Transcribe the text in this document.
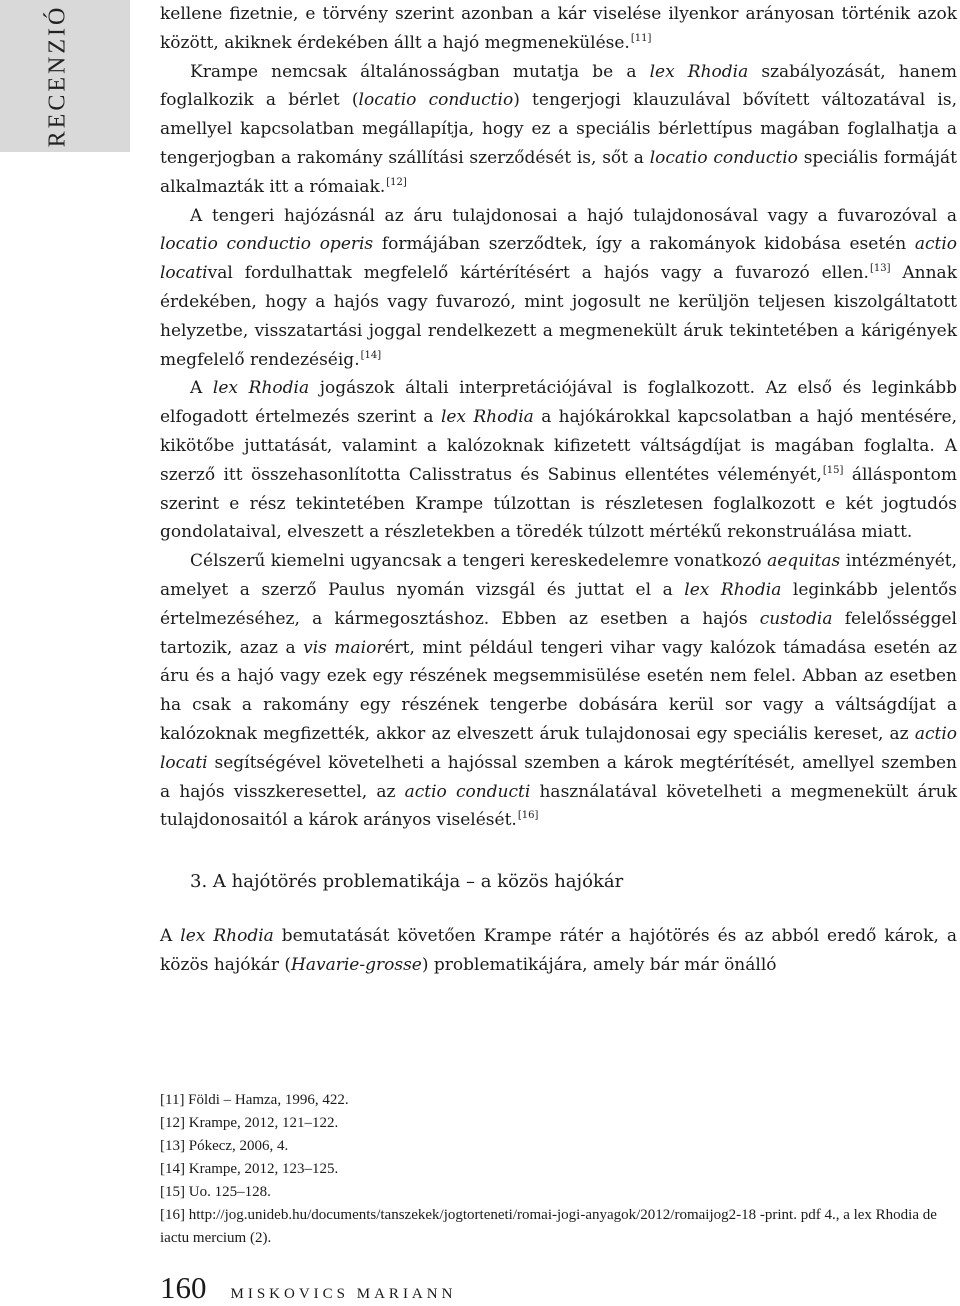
RECENZIÓ	kellene fizetnie, e törvény szerint azonban a kár viselése ilyenkor arányosan történik azok között, akiknek érdekében állt a hajó megmenekülése.[11]

Krampe nemcsak általánosságban mutatja be a lex Rhodia szabályozását, hanem foglalkozik a bérlet (locatio conductio) tengerjogi klauzulával bővített változatával is, amellyel kapcsolatban megállapítja, hogy ez a speciális bérlettípus magában foglalhatja a tengerjogban a rakomány szállítási szerződését is, sőt a locatio conductio speciális formáját alkalmazták itt a rómaiak.[12]

A tengeri hajózásnál az áru tulajdonosai a hajó tulajdonosával vagy a fuvarozóval a locatio conductio operis formájában szerződtek, így a rakományok kidobása esetén actio locatival fordulhattak megfelelő kártérítésért a hajós vagy a fuvarozó ellen.[13] Annak érdekében, hogy a hajós vagy fuvarozó, mint jogosult ne kerüljön teljesen kiszolgáltatott helyzetbe, visszatartási joggal rendelkezett a megmenekült áruk tekintetében a kárigények megfelelő rendezéséig.[14]

A lex Rhodia jogászok általi interpretációjával is foglalkozott. Az első és leginkább elfogadott értelmezés szerint a lex Rhodia a hajókárokkal kapcsolatban a hajó mentésére, kikötőbe juttatását, valamint a kalózoknak kifizetett váltságdíjat is magában foglalta. A szerző itt összehasonlította Calisstratus és Sabinus ellentétes véleményét,[15] álláspontom szerint e rész tekintetében Krampe túlzottan is részletesen foglalkozott e két jogtudós gondolataival, elveszett a részletekben a töredék túlzott mértékű rekonstruálása miatt.

Célszerű kiemelni ugyancsak a tengeri kereskedelemre vonatkozó aequitas intézményét, amelyet a szerző Paulus nyomán vizsgál és juttat el a lex Rhodia leginkább jelentős értelmezéséhez, a kármegosztáshoz. Ebben az esetben a hajós custodia felelősséggel tartozik, azaz a vis maiorért, mint például tengeri vihar vagy kalózok támadása esetén az áru és a hajó vagy ezek egy részének megsemmisülése esetén nem felel. Abban az esetben ha csak a rakomány egy részének tengerbe dobására kerül sor vagy a váltságdíjat a kalózoknak megfizették, akkor az elveszett áruk tulajdonosai egy speciális kereset, az actio locati segítségével követelheti a hajóssal szemben a károk megtérítését, amellyel szemben a hajós visszkeresettel, az actio conducti használatával követelheti a megmenekült áruk tulajdonosaitól a károk arányos viselését.[16]

3. A hajótörés problematikája – a közös hajókár

A lex Rhodia bemutatását követően Krampe rátér a hajótörés és az abból eredő károk, a közös hajókár (Havarie-grosse) problematikájára, amely bár már önálló

[11] Földi – Hamza, 1996, 422.
[12] Krampe, 2012, 121–122.
[13] Pókecz, 2006, 4.
[14] Krampe, 2012, 123–125.
[15] Uo. 125–128.
[16] http://jog.unideb.hu/documents/tanszekek/jogtorteneti/romai-jogi-anyagok/2012/romaijog2-18 -print. pdf 4., a lex Rhodia de iactu mercium (2).
160 MISKOVICS MARIANN
